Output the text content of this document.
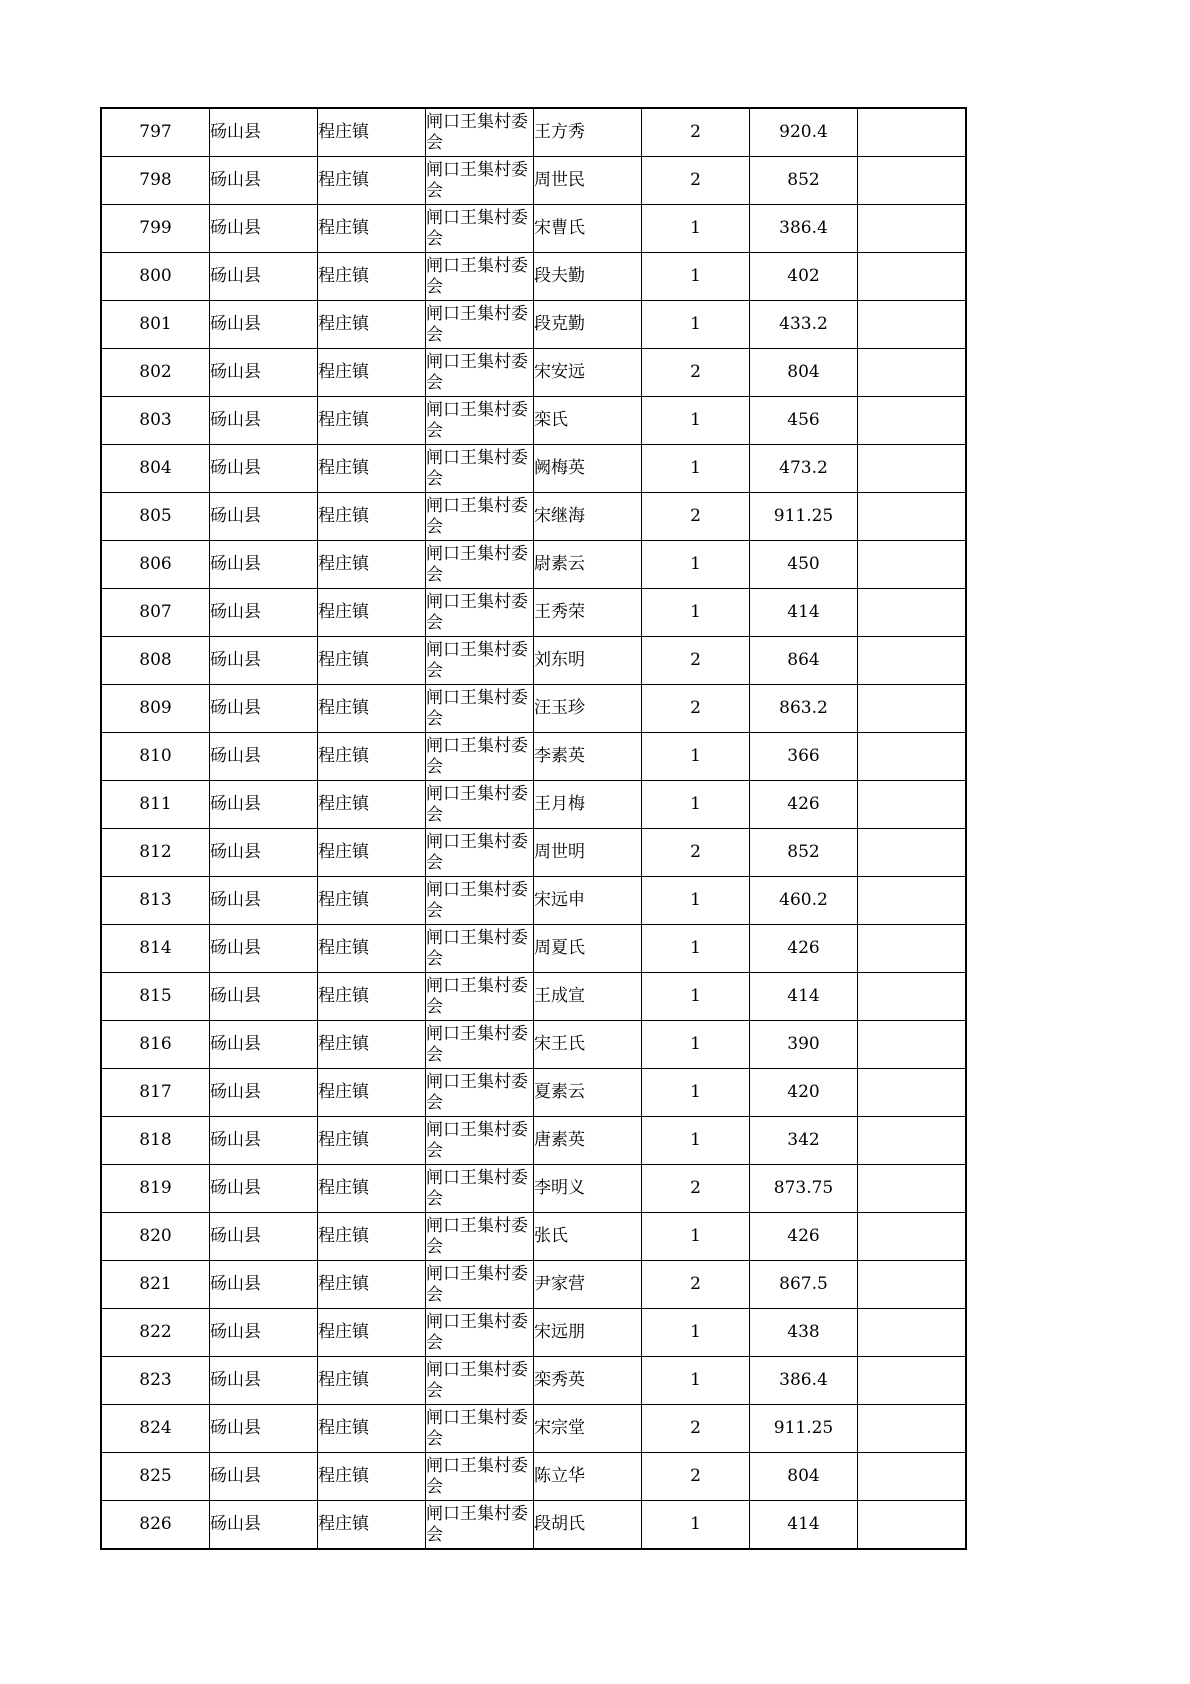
797	砀山县	程庄镇	闸口王集村委会	王方秀	2	920.4	
798	砀山县	程庄镇	闸口王集村委会	周世民	2	852	
799	砀山县	程庄镇	闸口王集村委会	宋曹氏	1	386.4	
800	砀山县	程庄镇	闸口王集村委会	段夫勤	1	402	
801	砀山县	程庄镇	闸口王集村委会	段克勤	1	433.2	
802	砀山县	程庄镇	闸口王集村委会	宋安远	2	804	
803	砀山县	程庄镇	闸口王集村委会	栾氏	1	456	
804	砀山县	程庄镇	闸口王集村委会	阙梅英	1	473.2	
805	砀山县	程庄镇	闸口王集村委会	宋继海	2	911.25	
806	砀山县	程庄镇	闸口王集村委会	尉素云	1	450	
807	砀山县	程庄镇	闸口王集村委会	王秀荣	1	414	
808	砀山县	程庄镇	闸口王集村委会	刘东明	2	864	
809	砀山县	程庄镇	闸口王集村委会	汪玉珍	2	863.2	
810	砀山县	程庄镇	闸口王集村委会	李素英	1	366	
811	砀山县	程庄镇	闸口王集村委会	王月梅	1	426	
812	砀山县	程庄镇	闸口王集村委会	周世明	2	852	
813	砀山县	程庄镇	闸口王集村委会	宋远申	1	460.2	
814	砀山县	程庄镇	闸口王集村委会	周夏氏	1	426	
815	砀山县	程庄镇	闸口王集村委会	王成宣	1	414	
816	砀山县	程庄镇	闸口王集村委会	宋王氏	1	390	
817	砀山县	程庄镇	闸口王集村委会	夏素云	1	420	
818	砀山县	程庄镇	闸口王集村委会	唐素英	1	342	
819	砀山县	程庄镇	闸口王集村委会	李明义	2	873.75	
820	砀山县	程庄镇	闸口王集村委会	张氏	1	426	
821	砀山县	程庄镇	闸口王集村委会	尹家营	2	867.5	
822	砀山县	程庄镇	闸口王集村委会	宋远朋	1	438	
823	砀山县	程庄镇	闸口王集村委会	栾秀英	1	386.4	
824	砀山县	程庄镇	闸口王集村委会	宋宗堂	2	911.25	
825	砀山县	程庄镇	闸口王集村委会	陈立华	2	804	
826	砀山县	程庄镇	闸口王集村委会	段胡氏	1	414	
